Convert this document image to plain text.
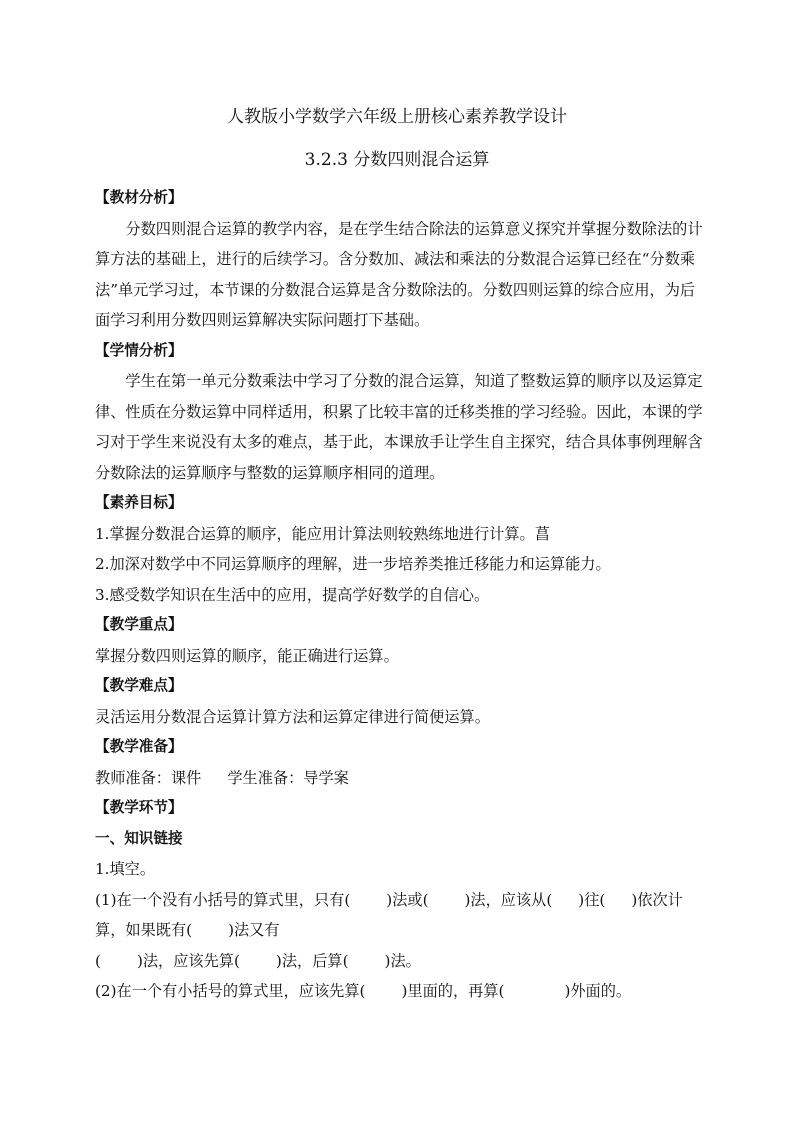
人教版小学数学六年级上册核心素养教学设计
3.2.3 分数四则混合运算

【教材分析】

分数四则混合运算的教学内容，是在学生结合除法的运算意义探究并掌握分数除法的计算方法的基础上，进行的后续学习。含分数加、减法和乘法的分数混合运算已经在“分数乘法”单元学习过，本节课的分数混合运算是含分数除法的。分数四则运算的综合应用，为后面学习利用分数四则运算解决实际问题打下基础。

【学情分析】

学生在第一单元分数乘法中学习了分数的混合运算，知道了整数运算的顺序以及运算定律、性质在分数运算中同样适用，积累了比较丰富的迁移类推的学习经验。因此，本课的学习对于学生来说没有太多的难点，基于此，本课放手让学生自主探究，结合具体事例理解含分数除法的运算顺序与整数的运算顺序相同的道理。

【素养目标】

1.掌握分数混合运算的顺序，能应用计算法则较熟练地进行计算。菖

2.加深对数学中不同运算顺序的理解，进一步培养类推迁移能力和运算能力。

3.感受数学知识在生活中的应用，提高学好数学的自信心。

【教学重点】

掌握分数四则运算的顺序，能正确进行运算。

【教学难点】

灵活运用分数混合运算计算方法和运算定律进行简便运算。

【教学准备】

教师准备：课件 学生准备：导学案

【教学环节】

一、知识链接

1.填空。

(1)在一个没有小括号的算式里，只有( )法或( )法，应该从( )往( )依次计

算，如果既有( )法又有

( )法，应该先算( )法，后算( )法。

(2)在一个有小括号的算式里，应该先算( )里面的，再算(	)外面的。
